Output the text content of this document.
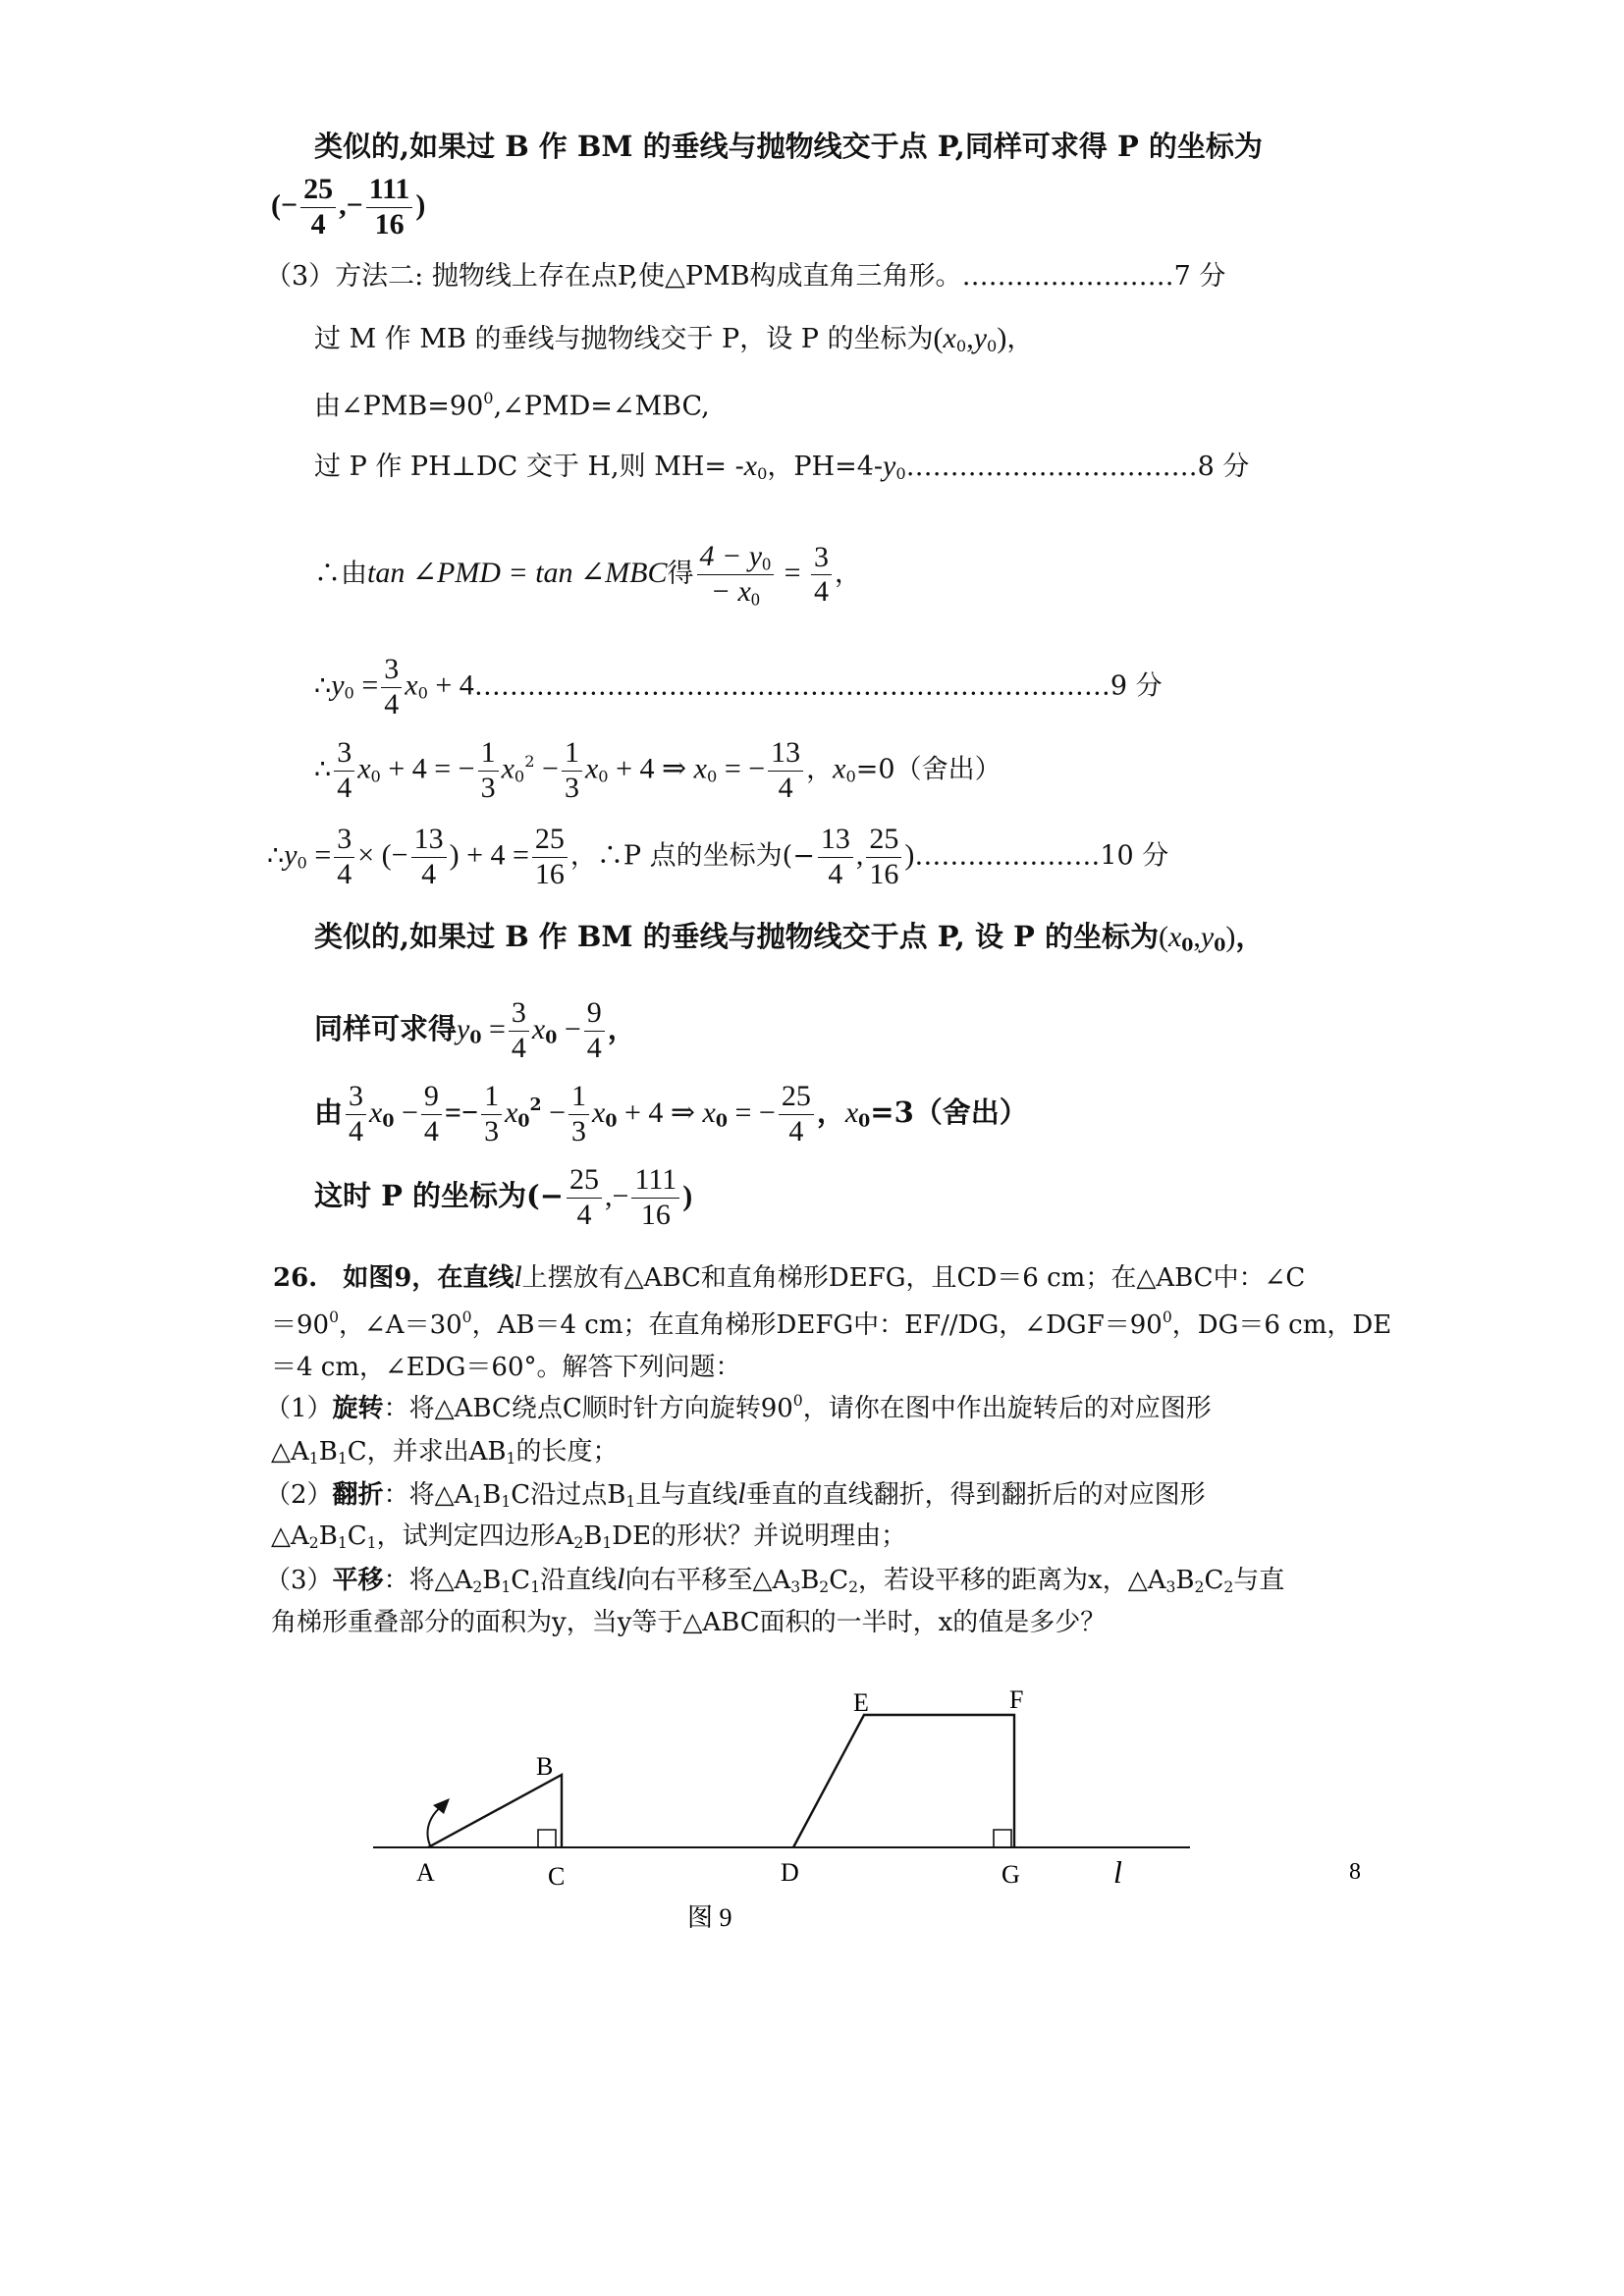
类似的,如果过 B 作 BM 的垂线与抛物线交于点 P,同样可求得 P 的坐标为
(− $\frac{25}{4}$ ,− $\frac{111}{16}$ )
（3）方法二: 抛物线上存在点P,使△PMB构成直角三角形。……………………7 分
过 M 作 MB 的垂线与抛物线交于 P，设 P 的坐标为$(x_0,y_0)$，
由$\angle PMB=90^0,\angle PMD=\angle MBC$,
过 P 作 PH⊥DC 交于 H,则 $MH= -x_0$，$PH=4-y_0\dots\dots\dots\dots\dots\dots\dots\dots\dots\dots\dots 8$ 分
∴由tan ∠PMD = tan ∠MBC得 $\frac{4 - y_0}{- x_0} = \frac{3}{4}$ ，
$\therefore y_0 = \frac{3}{4} x_0$ + 4………………………………………………………………9 分
∴ $\frac{3}{4} x_0 + 4$ = − $\frac{1}{3} x_0^2 - \frac{1}{3} x_0 + 4$ ⇒ $x_0$ = − $\frac{13}{4}$ ，$x_0=0$（舍出）
$\therefore y_0 = \frac{3}{4}$ × (− $\frac{13}{4}$ ) + $4 = \frac{25}{16}$ ，∴P 点的坐标为(− $\frac{13}{4}$ , $\frac{25}{16}$ )…………………10 分
类似的,如果过 B 作 BM 的垂线与抛物线交于点 P, 设 P 的坐标为$(x_0,y_0)$，
同样可求得$y_0 = \frac{3}{4} x_0 - \frac{9}{4}$ ，
由 $\frac{3}{4} x_0 - \frac{9}{4} =- \frac{1}{3} x_0^2 - \frac{1}{3} x_0 + 4$ ⇒ $x_0$ = − $\frac{25}{4}$ ，$x_0=3$（舍出）
这时 P 的坐标为(− $\frac{25}{4}$ ,− $\frac{111}{16}$ )
26.　如图9，在直线l上摆放有△ABC和直角梯形DEFG，且CD＝6 cm；在△ABC中：∠C
$=90^0$，$\angle A=30^0$，AB＝4 cm；在直角梯形DEFG中：EF//DG，$\angle DGF=90^0$，DG＝6 cm，DE
＝4 cm，∠EDG＝60°。解答下列问题：
（1）旋转：将△ABC绕点C顺时针方向旋转$90^0$，请你在图中作出旋转后的对应图形
$\triangle A_1B_1C$，并求出$AB_1$的长度；
（2）翻折：将$\triangle A_1B_1C$沿过点$B_1$且与直线l垂直的直线翻折，得到翻折后的对应图形
$\triangle A_2B_1C_1$，试判定四边形$A_2B_1DE$的形状？并说明理由；
（3）平移：将$\triangle A_2B_1C_1$沿直线l向右平移至$\triangle A_3B_2C_2$，若设平移的距离为x，$\triangle A_3B_2C_2$与直
角梯形重叠部分的面积为y，当y等于△ABC面积的一半时，x的值是多少？
A
B
C	D
E	F
G	l	8
图 9
